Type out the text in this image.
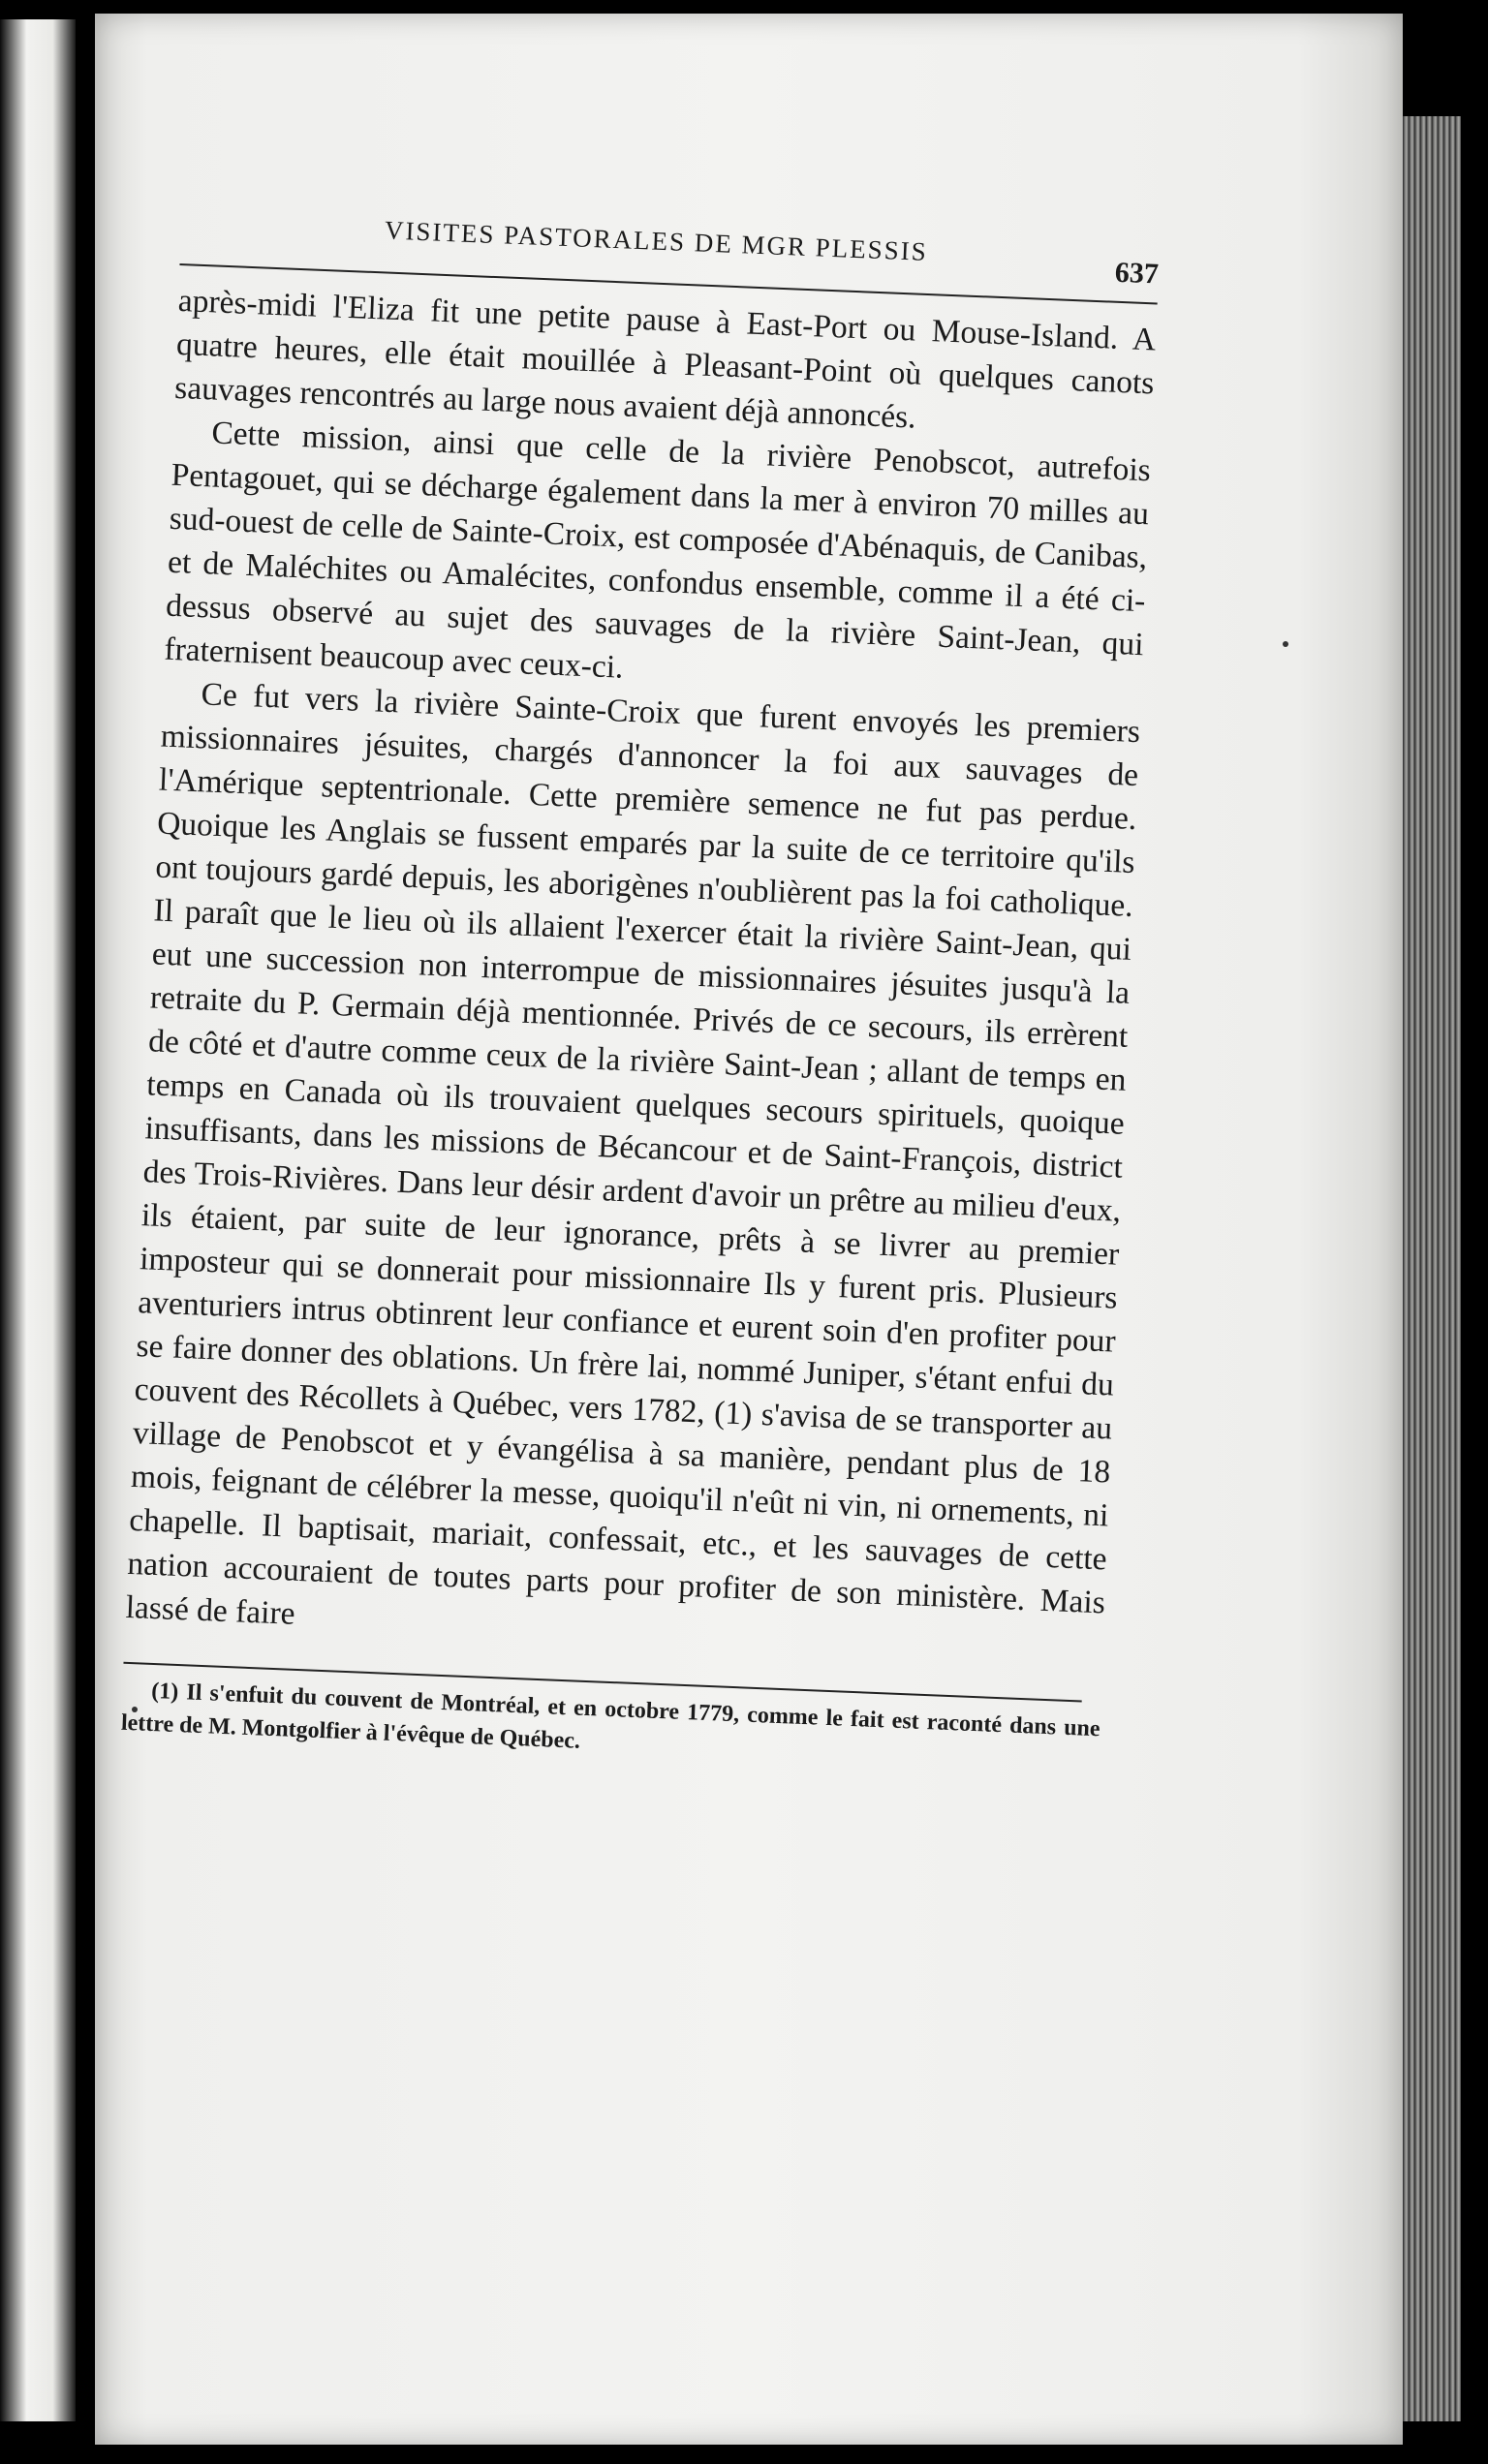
VISITES PASTORALES DE MGR PLESSIS
637

après-midi l'Eliza fit une petite pause à East-Port ou Mouse-Island. A quatre heures, elle était mouillée à Pleasant-Point où quelques canots sauvages rencontrés au large nous avaient déjà annoncés.

Cette mission, ainsi que celle de la rivière Penobscot, autrefois Pentagouet, qui se décharge également dans la mer à environ 70 milles au sud-ouest de celle de Sainte-Croix, est composée d'Abénaquis, de Canibas, et de Maléchites ou Amalécites, confondus ensemble, comme il a été ci-dessus observé au sujet des sauvages de la rivière Saint-Jean, qui fraternisent beaucoup avec ceux-ci.

Ce fut vers la rivière Sainte-Croix que furent envoyés les premiers missionnaires jésuites, chargés d'annoncer la foi aux sauvages de l'Amérique septentrionale. Cette première semence ne fut pas perdue. Quoique les Anglais se fussent emparés par la suite de ce territoire qu'ils ont toujours gardé depuis, les aborigènes n'oublièrent pas la foi catholique. Il paraît que le lieu où ils allaient l'exercer était la rivière Saint-Jean, qui eut une succession non interrompue de missionnaires jésuites jusqu'à la retraite du P. Germain déjà mentionnée. Privés de ce secours, ils errèrent de côté et d'autre comme ceux de la rivière Saint-Jean ; allant de temps en temps en Canada où ils trouvaient quelques secours spirituels, quoique insuffisants, dans les missions de Bécancour et de Saint-François, district des Trois-Rivières. Dans leur désir ardent d'avoir un prêtre au milieu d'eux, ils étaient, par suite de leur ignorance, prêts à se livrer au premier imposteur qui se donnerait pour missionnaire Ils y furent pris. Plusieurs aventuriers intrus obtinrent leur confiance et eurent soin d'en profiter pour se faire donner des oblations. Un frère lai, nommé Juniper, s'étant enfui du couvent des Récollets à Québec, vers 1782, (1) s'avisa de se transporter au village de Penobscot et y évangélisa à sa manière, pendant plus de 18 mois, feignant de célébrer la messe, quoiqu'il n'eût ni vin, ni ornements, ni chapelle. Il baptisait, mariait, confessait, etc., et les sauvages de cette nation accouraient de toutes parts pour profiter de son ministère. Mais lassé de faire

(1) Il s'enfuit du couvent de Montréal, et en octobre 1779, comme le fait est raconté dans une lettre de M. Montgolfier à l'évêque de Québec.
